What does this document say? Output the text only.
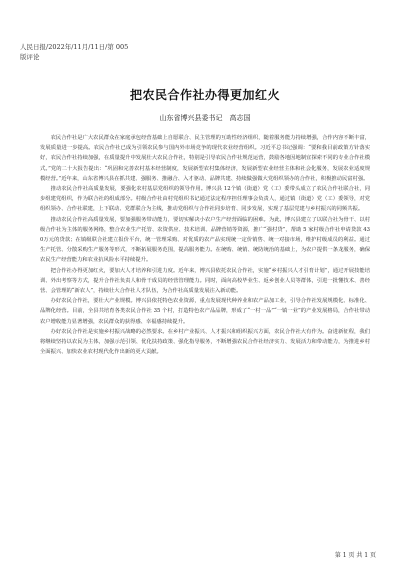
人民日报/2022年/11月/11日/第 005
版评论
把农民合作社办得更加红火
山东省博兴县委书记　高志国

农民合作社是广大农民群众在家庭承包经营基础上自愿联合、民主管理的互助性经济组织，随着服务能力持续增强，合作内容不断丰富，发展质量进一步提高。农民合作社已成为引领农民参与国内外市场竞争的现代农业经营组织。习近平总书记强调：“要和我目前政策方针落实好，农民合作社持续加强，在质量提升中发展壮大农民合作社，特别是引导农民合作社规范运营，鼓励各地因地制宜探索不同的专业合作社模式。”党的二十大报告提出：“巩固和完善农村基本经营制度，发展新型农村集体经济，发展新型农业经营主体和社会化服务，发展农业适度规模经营。”近年来，山东省博兴县在抓共建、强服务、推融合、入才驱动、品牌共建、持续做强做大党组织领办的合作社，积极推动民富村强。

推动农民合作社高质量发展，要强化农村基层党组织的领导作用。博兴县 12个镇（街道）党（工）委带头成立了农民合作社联合社，同步组建党组织，作为联合社的组成部分。村级合作社由村党组织书记通过法定程序担任理事会负责人，通过镇（街道）党（工）委领导，对党组织领办、合作社联建，上下联动、党群联合为主线，推动党组织与合作社同步培育、同步发展，实现了基层党建与乡村振兴的同频共振。

推动农民合作社高质量发展，要加强服务带动能力，要切实解决小农户生产经营面临的困难。为此，博兴县建立了以联合社为骨干、以村级合作社为主体的服务网络，整合农业生产托管、农资供应、技术培训、品牌营销等资源，推广“强村贷”，帮助 5 家村级合作社申请贷款 430万元的贷款；在镇级联合社建立报价平台，统一管理采购、对优质的农产品实现统一定价销售、统一对接市场，维护村级成员的利益。通过生产托管、分散采购生产服务等形式，不断拓展服务范围，提高服务能力。在统购、统销、统防统治的基础上，为农户提供一条龙服务，确保农民生产经营能力和农业抗风险水平持续提升。

把合作社办得更加红火，要加大人才培养和引进力度。近年来，博兴县依托农民合作社，实施“乡村振兴人才引育计划”，通过开展技能培训、外出考察等方式，提升合作社负责人和骨干成员的经营管理能力。同时，面向高校毕业生、返乡创业人员等群体，引进一批懂技术、善经营、会管理的“新农人”，持续壮大合作社人才队伍，为合作社高质量发展注入新动能。

办好农民合作社，要壮大产业规模。博兴县依托特色农业资源，重点发展现代种养业和农产品加工业，引导合作社发展规模化、标准化、品牌化经营。目前，全县共培育各类农民合作社 35 个村，打造特色农产品品牌，形成了“一村一品”“一镇一业”的产业发展格局，合作社带动农户增收能力显著增强，农民群众的获得感、幸福感持续提升。

办好农民合作社是实施乡村振兴战略的必然要求。在乡村产业振兴、人才振兴和组织振兴方面，农民合作社大有作为。奋进新征程，我们将继续坚持以农民为主体，加强示范引领、优化扶持政策、强化指导服务，不断增强农民合作社经济实力、发展活力和带动能力，为推进乡村全面振兴、加快农业农村现代化作出新的更大贡献。

第 1 页 共 1 页
